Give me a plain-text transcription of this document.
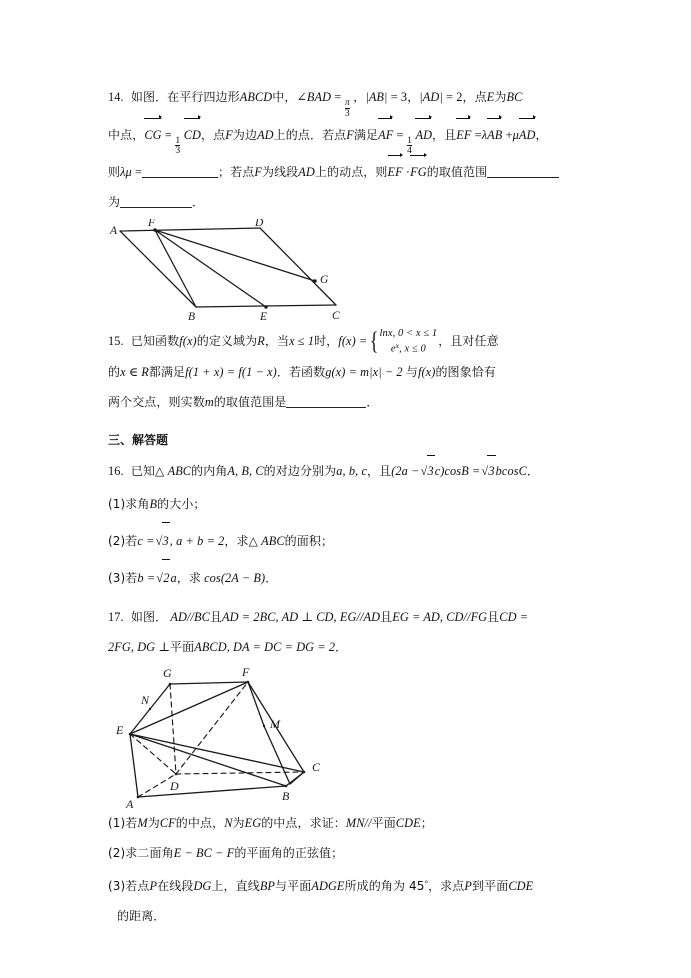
14. 如图．在平行四边形ABCD中，∠BAD =
$\frac{\pi}{3}$
，|AB| = 3，|AD| = 2，点E为BC
中点，CG =
$\frac{1}{3}$
CD，点F为边AD上的点．若点F满足AF =
$\frac{1}{4}$
AD，且EF =λAB +μAD，
则λμ =	；若点F为线段AD上的动点，则EF ·FG的取值范围
为	．
A
F	D
G
B	E	C
15. 已知函数f(x)的定义域为R，当x ≤ 1时，f(x) = { lnx, 0 < x ≤ 1
$e^x$, x ≤ 0
，且对任意
的x ∈ R都满足f(1 + x) = f(1 − x)．若函数g(x) = m|x| − 2 与f(x)的图象恰有
两个交点，则实数m的取值范围是	．
三、解答题
16. 已知△ ABC的内角A, B, C的对边分别为a, b, c，且(2a − √ 3c)cosB = √ 3bcosC．
(1)求角B的大小；
(2)若c = √ 3, a + b = 2，求△ ABC的面积；
(3)若b = √ 2a，求 cos(2A − B)．
17. 如图． AD//BC且AD = 2BC, AD ⊥ CD, EG//AD且EG = AD, CD//FG且CD =
2FG, DG ⊥平面ABCD, DA = DC = DG = 2．
G	F
N
E	M
D
C
B
A
(1)若M为CF的中点，N为EG的中点，求证：MN//平面CDE；
(2)求二面角E − BC − F的平面角的正弦值；
(3)若点P在线段DG上，直线BP与平面ADGE所成的角为 45°，求点P到平面CDE
的距离．
